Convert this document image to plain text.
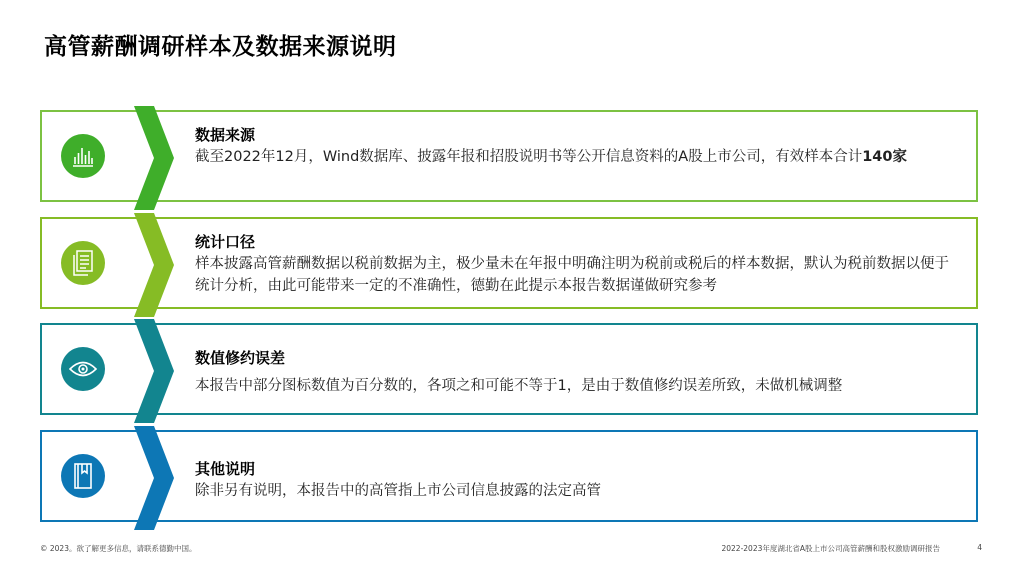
高管薪酬调研样本及数据来源说明
数据来源
截至2022年12月，Wind数据库、披露年报和招股说明书等公开信息资料的A股上市公司，有效样本合计140家
统计口径
样本披露高管薪酬数据以税前数据为主，极少量未在年报中明确注明为税前或税后的样本数据，默认为税前数据以便于统计分析，由此可能带来一定的不准确性，德勤在此提示本报告数据谨做研究参考
数值修约误差
本报告中部分图标数值为百分数的，各项之和可能不等于1，是由于数值修约误差所致，未做机械调整
其他说明
除非另有说明，本报告中的高管指上市公司信息披露的法定高管
© 2023。欲了解更多信息，请联系德勤中国。	2022-2023年度湖北省A股上市公司高管薪酬和股权激励调研报告	4
